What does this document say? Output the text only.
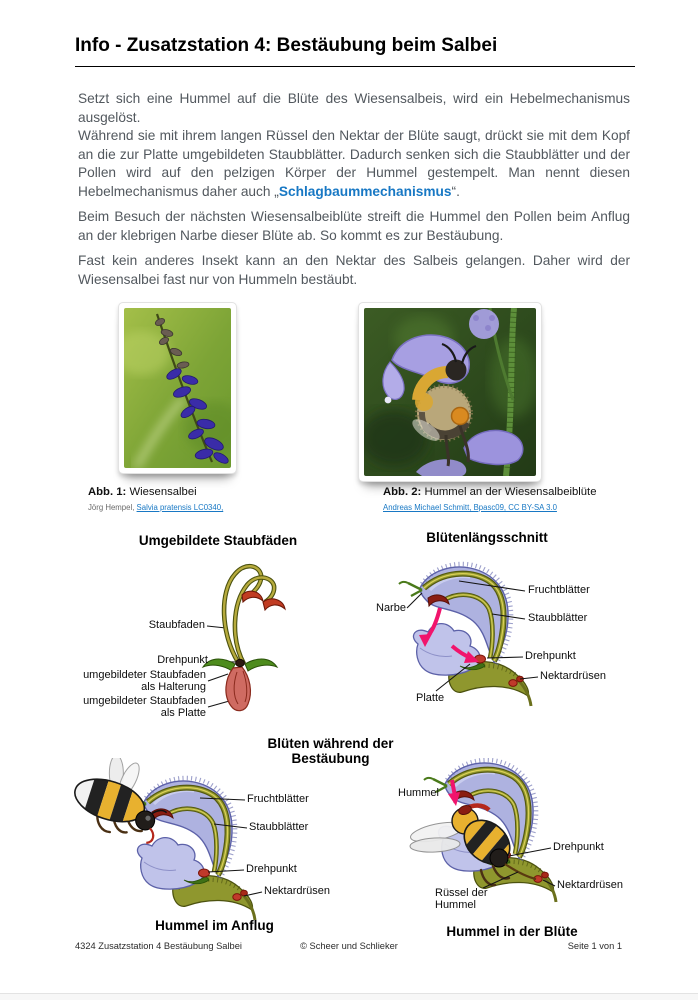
Info - Zusatzstation 4: Bestäubung beim Salbei

Setzt sich eine Hummel auf die Blüte des Wiesensalbeis, wird ein Hebelmechanismus ausgelöst.

Während sie mit ihrem langen Rüssel den Nektar der Blüte saugt, drückt sie mit dem Kopf an die zur Platte umgebildeten Staubblätter. Dadurch senken sich die Staubblätter und der Pollen wird auf den pelzigen Körper der Hummel gestempelt. Man nennt diesen Hebelmechanismus daher auch „Schlagbaummechanismus“.

Beim Besuch der nächsten Wiesensalbeiblüte streift die Hummel den Pollen beim Anflug an der klebrigen Narbe dieser Blüte ab. So kommt es zur Bestäubung.

Fast kein anderes Insekt kann an den Nektar des Salbeis gelangen. Daher wird der Wiesensalbei fast nur von Hummeln bestäubt.

Abb. 1: Wiesensalbei
Jörg Hempel, Salvia pratensis LC0340,
Abb. 2: Hummel an der Wiesensalbeiblüte
Andreas Michael Schmitt, Bpasc09, CC BY-SA 3.0
Umgebildete Staubfäden	Blütenlängsschnitt
Staubfaden
Drehpunkt
umgebildeter Staubfaden als Halterung
umgebildeter Staubfaden als Platte
Narbe
Fruchtblätter
Staubblätter
Drehpunkt
Nektardrüsen
Platte
Blüten während der Bestäubung
Fruchtblätter
Staubblätter
Drehpunkt
Nektardrüsen
Hummel im Anflug
Hummel
Drehpunkt
Nektardrüsen
Rüssel der Hummel
Hummel in der Blüte
4324 Zusatzstation 4 Bestäubung Salbei	© Scheer und Schlieker	Seite 1 von 1
